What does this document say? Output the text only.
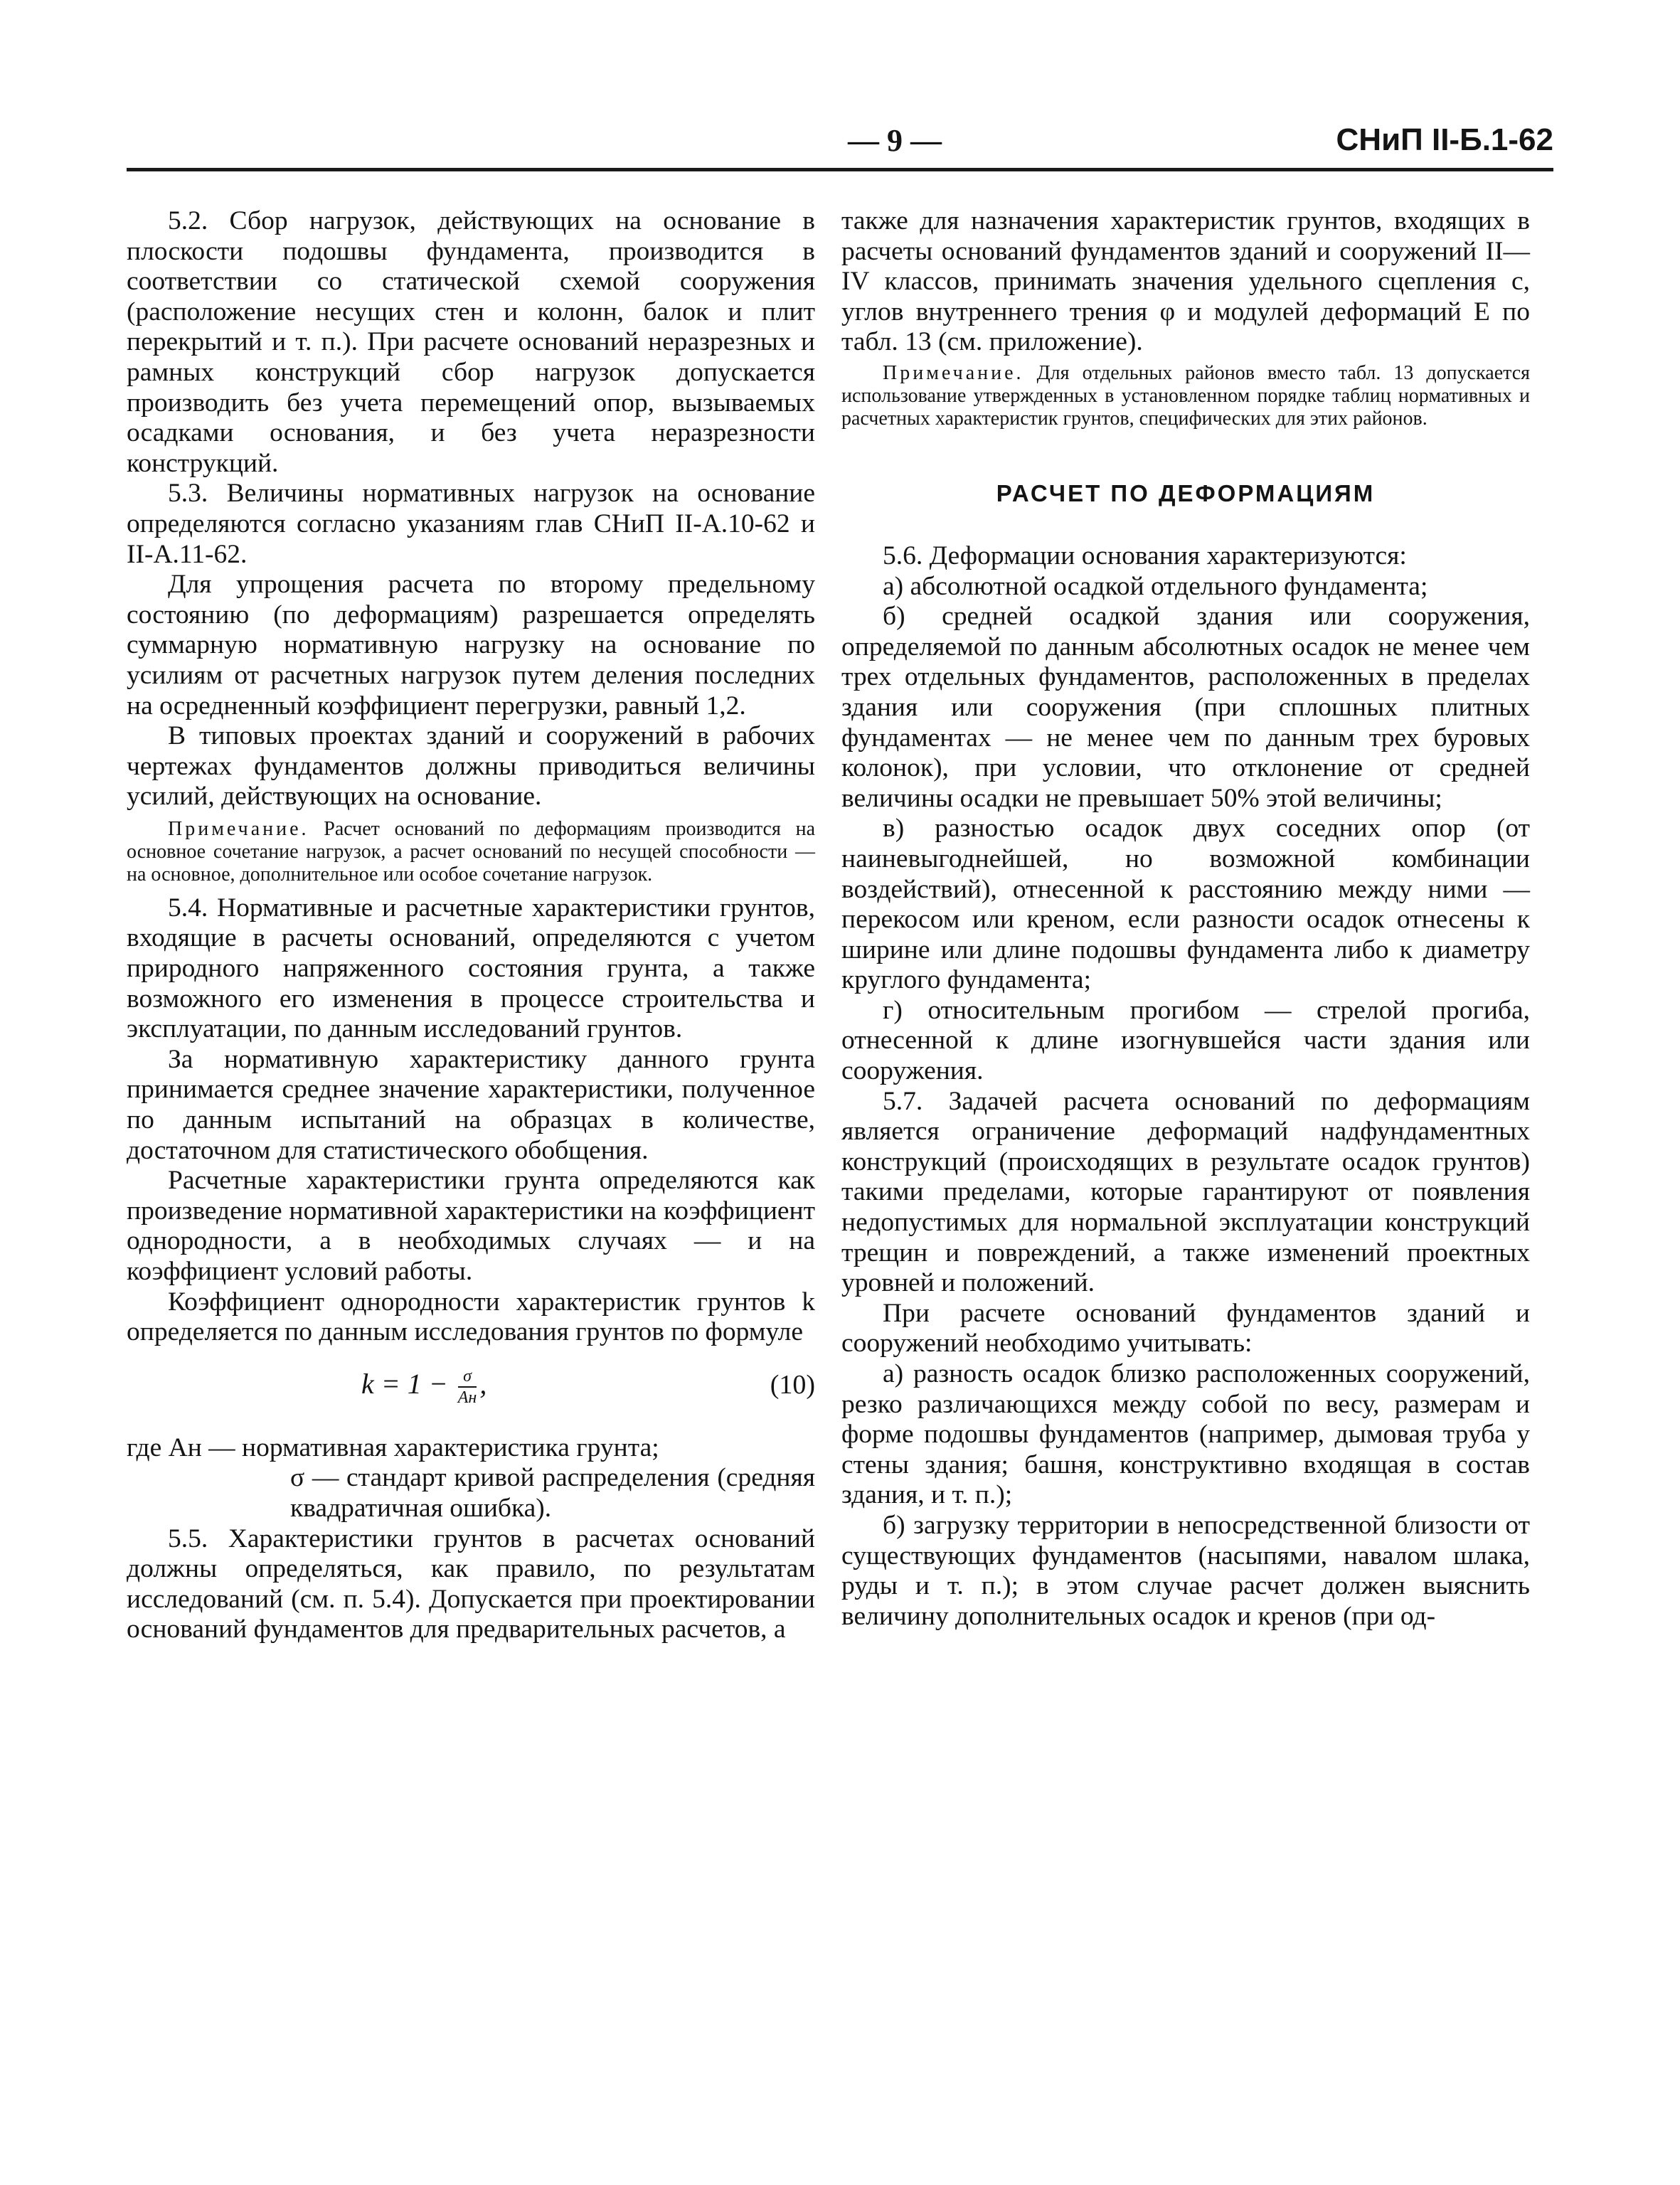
— 9 —	СНиП II-Б.1-62

5.2. Сбор нагрузок, действующих на основание в плоскости подошвы фундамента, производится в соответствии со статической схемой сооружения (расположение несущих стен и колонн, балок и плит перекрытий и т. п.). При расчете оснований неразрезных и рамных конструкций сбор нагрузок допускается производить без учета перемещений опор, вызываемых осадками основания, и без учета неразрезности конструкций.

5.3. Величины нормативных нагрузок на основание определяются согласно указаниям глав СНиП II-А.10-62 и II-А.11-62.

Для упрощения расчета по второму предельному состоянию (по деформациям) разрешается определять суммарную нормативную нагрузку на основание по усилиям от расчетных нагрузок путем деления последних на осредненный коэффициент перегрузки, равный 1,2.

В типовых проектах зданий и сооружений в рабочих чертежах фундаментов должны приводиться величины усилий, действующих на основание.

Примечание. Расчет оснований по деформациям производится на основное сочетание нагрузок, а расчет оснований по несущей способности — на основное, дополнительное или особое сочетание нагрузок.

5.4. Нормативные и расчетные характеристики грунтов, входящие в расчеты оснований, определяются с учетом природного напряженного состояния грунта, а также возможного его изменения в процессе строительства и эксплуатации, по данным исследований грунтов.

За нормативную характеристику данного грунта принимается среднее значение характеристики, полученное по данным испытаний на образцах в количестве, достаточном для статистического обобщения.

Расчетные характеристики грунта определяются как произведение нормативной характеристики на коэффициент однородности, а в необходимых случаях — и на коэффициент условий работы.

Коэффициент однородности характеристик грунтов k определяется по данным исследования грунтов по формуле

$k = 1 - \frac{\sigma}{Aн}$ ,	(10)

где Aн — нормативная характеристика грунта;

σ — стандарт кривой распределения (средняя квадратичная ошибка).

5.5. Характеристики грунтов в расчетах оснований должны определяться, как правило, по результатам исследований (см. п. 5.4). Допускается при проектировании оснований фундаментов для предварительных расчетов, а

также для назначения характеристик грунтов, входящих в расчеты оснований фундаментов зданий и сооружений II—IV классов, принимать значения удельного сцепления с, углов внутреннего трения φ и модулей деформаций E по табл. 13 (см. приложение).

Примечание. Для отдельных районов вместо табл. 13 допускается использование утвержденных в установленном порядке таблиц нормативных и расчетных характеристик грунтов, специфических для этих районов.
РАСЧЕТ ПО ДЕФОРМАЦИЯМ

5.6. Деформации основания характеризуются:

а) абсолютной осадкой отдельного фундамента;

б) средней осадкой здания или сооружения, определяемой по данным абсолютных осадок не менее чем трех отдельных фундаментов, расположенных в пределах здания или сооружения (при сплошных плитных фундаментах — не менее чем по данным трех буровых колонок), при условии, что отклонение от средней величины осадки не превышает 50% этой величины;

в) разностью осадок двух соседних опор (от наиневыгоднейшей, но возможной комбинации воздействий), отнесенной к расстоянию между ними — перекосом или креном, если разности осадок отнесены к ширине или длине подошвы фундамента либо к диаметру круглого фундамента;

г) относительным прогибом — стрелой прогиба, отнесенной к длине изогнувшейся части здания или сооружения.

5.7. Задачей расчета оснований по деформациям является ограничение деформаций надфундаментных конструкций (происходящих в результате осадок грунтов) такими пределами, которые гарантируют от появления недопустимых для нормальной эксплуатации конструкций трещин и повреждений, а также изменений проектных уровней и положений.

При расчете оснований фундаментов зданий и сооружений необходимо учитывать:

а) разность осадок близко расположенных сооружений, резко различающихся между собой по весу, размерам и форме подошвы фундаментов (например, дымовая труба у стены здания; башня, конструктивно входящая в состав здания, и т. п.);

б) загрузку территории в непосредственной близости от существующих фундаментов (насыпями, навалом шлака, руды и т. п.); в этом случае расчет должен выяснить величину дополнительных осадок и кренов (при од-
